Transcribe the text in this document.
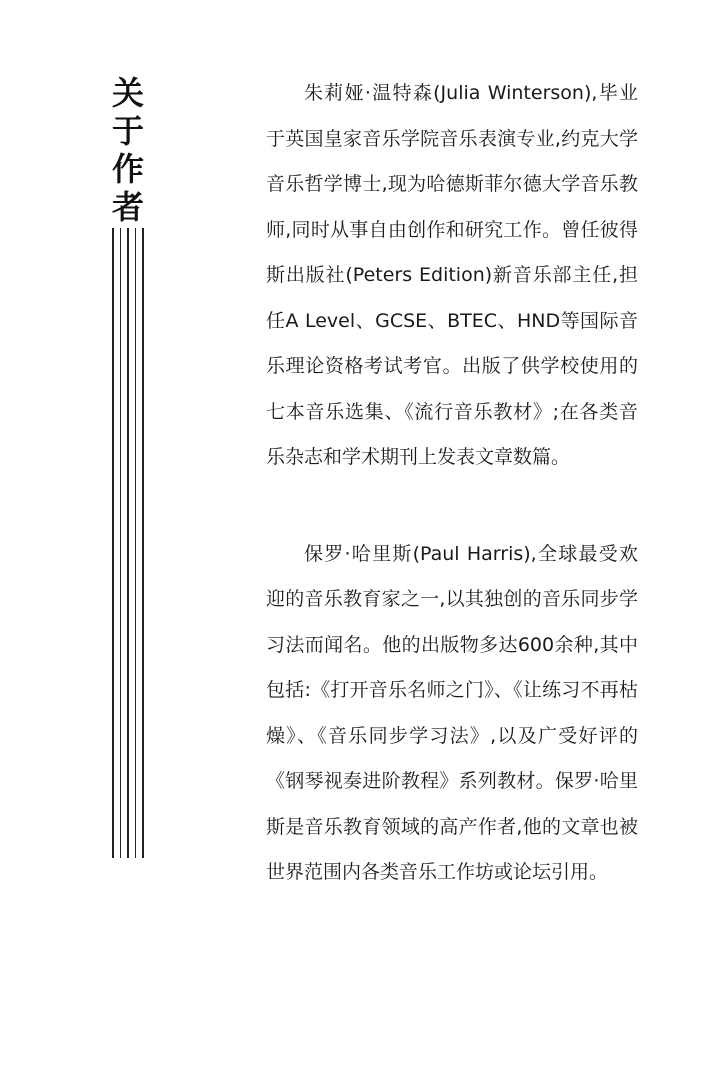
关
于
作
者

朱莉娅·温特森(Julia Winterson),毕业于英国皇家音乐学院音乐表演专业,约克大学音乐哲学博士,现为哈德斯菲尔德大学音乐教师,同时从事自由创作和研究工作。曾任彼得斯出版社(Peters Edition)新音乐部主任,担任A Level、GCSE、BTEC、HND等国际音乐理论资格考试考官。出版了供学校使用的七本音乐选集、《流行音乐教材》;在各类音乐杂志和学术期刊上发表文章数篇。

保罗·哈里斯(Paul Harris),全球最受欢迎的音乐教育家之一,以其独创的音乐同步学习法而闻名。他的出版物多达600余种,其中包括:《打开音乐名师之门》、《让练习不再枯燥》、《音乐同步学习法》,以及广受好评的《钢琴视奏进阶教程》系列教材。保罗·哈里斯是音乐教育领域的高产作者,他的文章也被世界范围内各类音乐工作坊或论坛引用。
